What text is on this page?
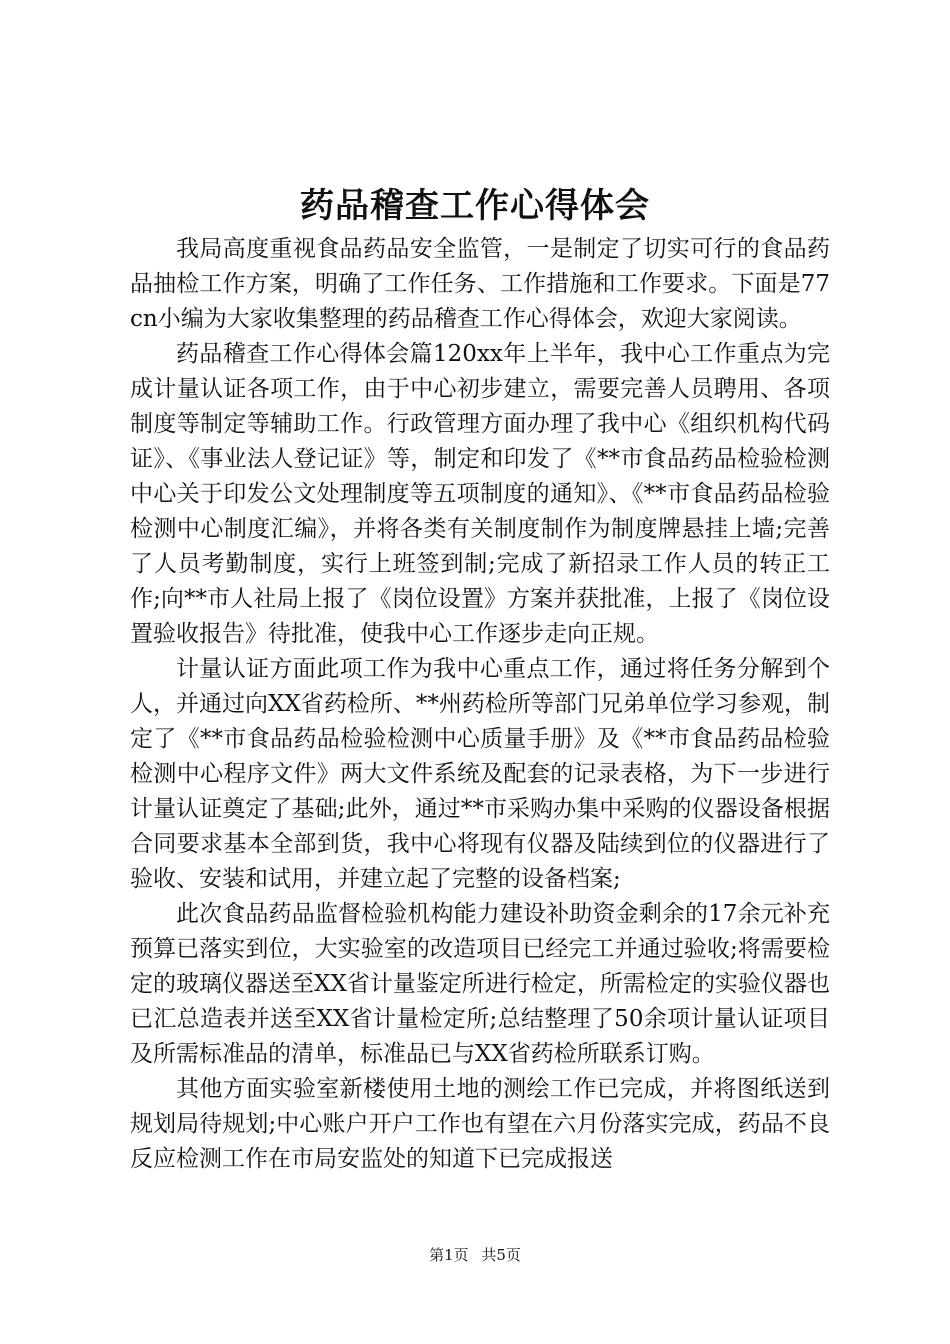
药品稽查工作心得体会

我局高度重视食品药品安全监管，一是制定了切实可行的食品药品抽检工作方案，明确了工作任务、工作措施和工作要求。下面是77cn小编为大家收集整理的药品稽查工作心得体会，欢迎大家阅读。

药品稽查工作心得体会篇120xx年上半年，我中心工作重点为完成计量认证各项工作，由于中心初步建立，需要完善人员聘用、各项制度等制定等辅助工作。行政管理方面办理了我中心《组织机构代码证》、《事业法人登记证》等，制定和印发了《**市食品药品检验检测中心关于印发公文处理制度等五项制度的通知》、《**市食品药品检验检测中心制度汇编》，并将各类有关制度制作为制度牌悬挂上墙;完善了人员考勤制度，实行上班签到制;完成了新招录工作人员的转正工作;向**市人社局上报了《岗位设置》方案并获批准，上报了《岗位设置验收报告》待批准，使我中心工作逐步走向正规。

计量认证方面此项工作为我中心重点工作，通过将任务分解到个人，并通过向XX省药检所、**州药检所等部门兄弟单位学习参观，制定了《**市食品药品检验检测中心质量手册》及《**市食品药品检验检测中心程序文件》两大文件系统及配套的记录表格，为下一步进行计量认证奠定了基础;此外，通过**市采购办集中采购的仪器设备根据合同要求基本全部到货，我中心将现有仪器及陆续到位的仪器进行了验收、安装和试用，并建立起了完整的设备档案;

此次食品药品监督检验机构能力建设补助资金剩余的17余元补充预算已落实到位，大实验室的改造项目已经完工并通过验收;将需要检定的玻璃仪器送至XX省计量鉴定所进行检定，所需检定的实验仪器也已汇总造表并送至XX省计量检定所;总结整理了50余项计量认证项目及所需标准品的清单，标准品已与XX省药检所联系订购。

其他方面实验室新楼使用土地的测绘工作已完成，并将图纸送到规划局待规划;中心账户开户工作也有望在六月份落实完成，药品不良反应检测工作在市局安监处的知道下已完成报送

第1页 共5页
